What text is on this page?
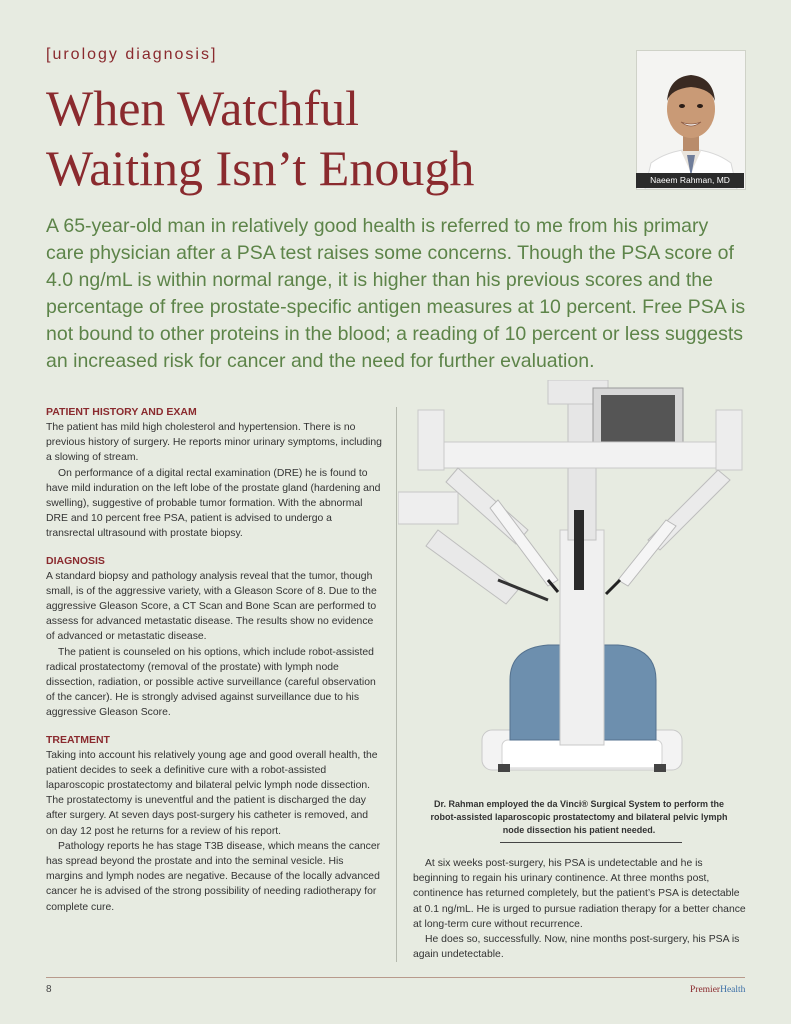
[urology diagnosis]
When Watchful
Waiting Isn’t Enough	Naeem Rahman, MD

A 65-year-old man in relatively good health is referred to me from his primary care physician after a PSA test raises some concerns. Though the PSA score of 4.0 ng/mL is within normal range, it is higher than his previous scores and the percentage of free prostate-specific antigen measures at 10 percent. Free PSA is not bound to other proteins in the blood; a reading of 10 percent or less suggests an increased risk for cancer and the need for further evaluation.

PATIENT HISTORY AND EXAM

The patient has mild high cholesterol and hypertension. There is no previous history of surgery. He reports minor urinary symptoms, including a slowing of stream.

On performance of a digital rectal examination (DRE) he is found to have mild induration on the left lobe of the prostate gland (hardening and swelling), suggestive of probable tumor formation. With the abnormal DRE and 10 percent free PSA, patient is advised to undergo a transrectal ultrasound with prostate biopsy.

DIAGNOSIS

A standard biopsy and pathology analysis reveal that the tumor, though small, is of the aggressive variety, with a Gleason Score of 8. Due to the aggressive Gleason Score, a CT Scan and Bone Scan are performed to assess for advanced metastatic disease. The results show no evidence of advanced or metastatic disease.

The patient is counseled on his options, which include robot-assisted radical prostatectomy (removal of the prostate) with lymph node dissection, radiation, or possible active surveillance (careful observation of the cancer). He is strongly advised against surveillance due to his aggressive Gleason Score.

TREATMENT

Taking into account his relatively young age and good overall health, the patient decides to seek a definitive cure with a robot-assisted laparoscopic prostatectomy and bilateral pelvic lymph node dissection. The prostatectomy is uneventful and the patient is discharged the day after surgery. At seven days post-surgery his catheter is removed, and on day 12 post he returns for a review of his report.

Pathology reports he has stage T3B disease, which means the cancer has spread beyond the prostate and into the seminal vesicle. His margins and lymph nodes are negative. Because of the locally advanced cancer he is advised of the strong possibility of needing radiotherapy for complete cure.

Dr. Rahman employed the da Vinci® Surgical System to perform the robot-assisted laparoscopic prostatectomy and bilateral pelvic lymph node dissection his patient needed.

At six weeks post-surgery, his PSA is undetectable and he is beginning to regain his urinary continence. At three months post, continence has returned completely, but the patient’s PSA is detectable at 0.1 ng/mL. He is urged to pursue radiation therapy for a better chance at long-term cure without recurrence.

He does so, successfully. Now, nine months post-surgery, his PSA is again undetectable.

8	PremierHealth
